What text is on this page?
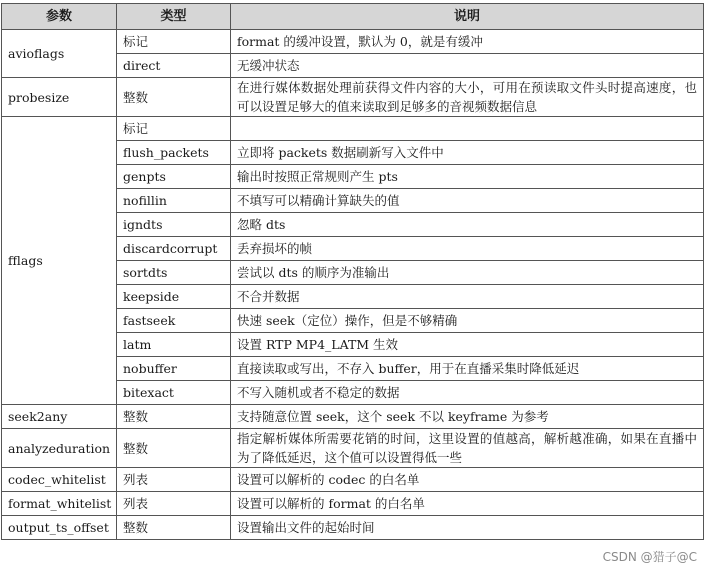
参数	类型	说明
avioflags	标记	format 的缓冲设置，默认为 0，就是有缓冲
	direct	无缓冲状态
probesize	整数	在进行媒体数据处理前获得文件内容的大小，可用在预读取文件头时提高速度，也可以设置足够大的值来读取到足够多的音视频数据信息
fflags	标记	
	flush_packets	立即将 packets 数据刷新写入文件中
	genpts	输出时按照正常规则产生 pts
	nofillin	不填写可以精确计算缺失的值
	igndts	忽略 dts
	discardcorrupt	丢弃损坏的帧
	sortdts	尝试以 dts 的顺序为准输出
	keepside	不合并数据
	fastseek	快速 seek（定位）操作，但是不够精确
	latm	设置 RTP MP4_LATM 生效
	nobuffer	直接读取或写出，不存入 buffer，用于在直播采集时降低延迟
	bitexact	不写入随机或者不稳定的数据
seek2any	整数	支持随意位置 seek，这个 seek 不以 keyframe 为参考
analyzeduration	整数	指定解析媒体所需要花销的时间，这里设置的值越高，解析越准确，如果在直播中为了降低延迟，这个值可以设置得低一些
codec_whitelist	列表	设置可以解析的 codec 的白名单
format_whitelist	列表	设置可以解析的 format 的白名单
output_ts_offset	整数	设置输出文件的起始时间
CSDN @猎子@C
